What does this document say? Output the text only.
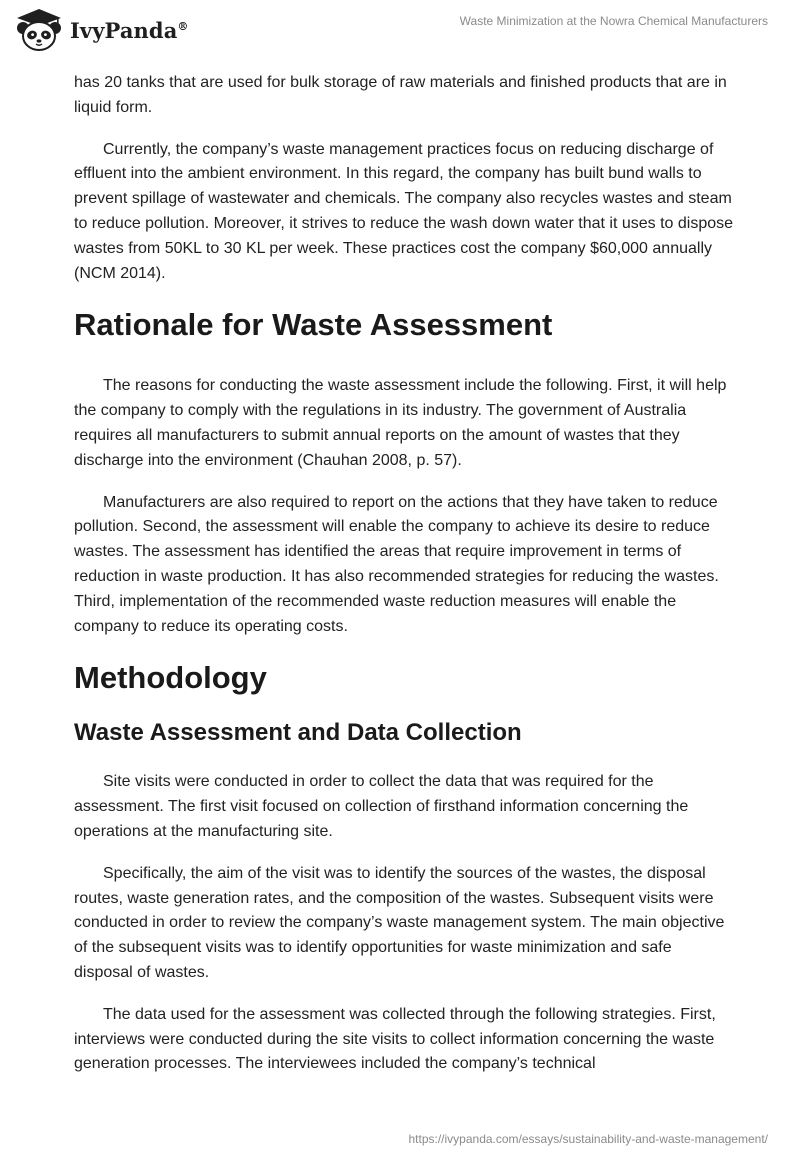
IvyPanda®	Waste Minimization at the Nowra Chemical Manufacturers

has 20 tanks that are used for bulk storage of raw materials and finished products that are in liquid form.

Currently, the company’s waste management practices focus on reducing discharge of effluent into the ambient environment. In this regard, the company has built bund walls to prevent spillage of wastewater and chemicals. The company also recycles wastes and steam to reduce pollution. Moreover, it strives to reduce the wash down water that it uses to dispose wastes from 50KL to 30 KL per week. These practices cost the company $60,000 annually (NCM 2014).

Rationale for Waste Assessment

The reasons for conducting the waste assessment include the following. First, it will help the company to comply with the regulations in its industry. The government of Australia requires all manufacturers to submit annual reports on the amount of wastes that they discharge into the environment (Chauhan 2008, p. 57).

Manufacturers are also required to report on the actions that they have taken to reduce pollution. Second, the assessment will enable the company to achieve its desire to reduce wastes. The assessment has identified the areas that require improvement in terms of reduction in waste production. It has also recommended strategies for reducing the wastes. Third, implementation of the recommended waste reduction measures will enable the company to reduce its operating costs.

Methodology
Waste Assessment and Data Collection

Site visits were conducted in order to collect the data that was required for the assessment. The first visit focused on collection of firsthand information concerning the operations at the manufacturing site.

Specifically, the aim of the visit was to identify the sources of the wastes, the disposal routes, waste generation rates, and the composition of the wastes. Subsequent visits were conducted in order to review the company’s waste management system. The main objective of the subsequent visits was to identify opportunities for waste minimization and safe disposal of wastes.

The data used for the assessment was collected through the following strategies. First, interviews were conducted during the site visits to collect information concerning the waste generation processes. The interviewees included the company’s technical

https://ivypanda.com/essays/sustainability-and-waste-management/
